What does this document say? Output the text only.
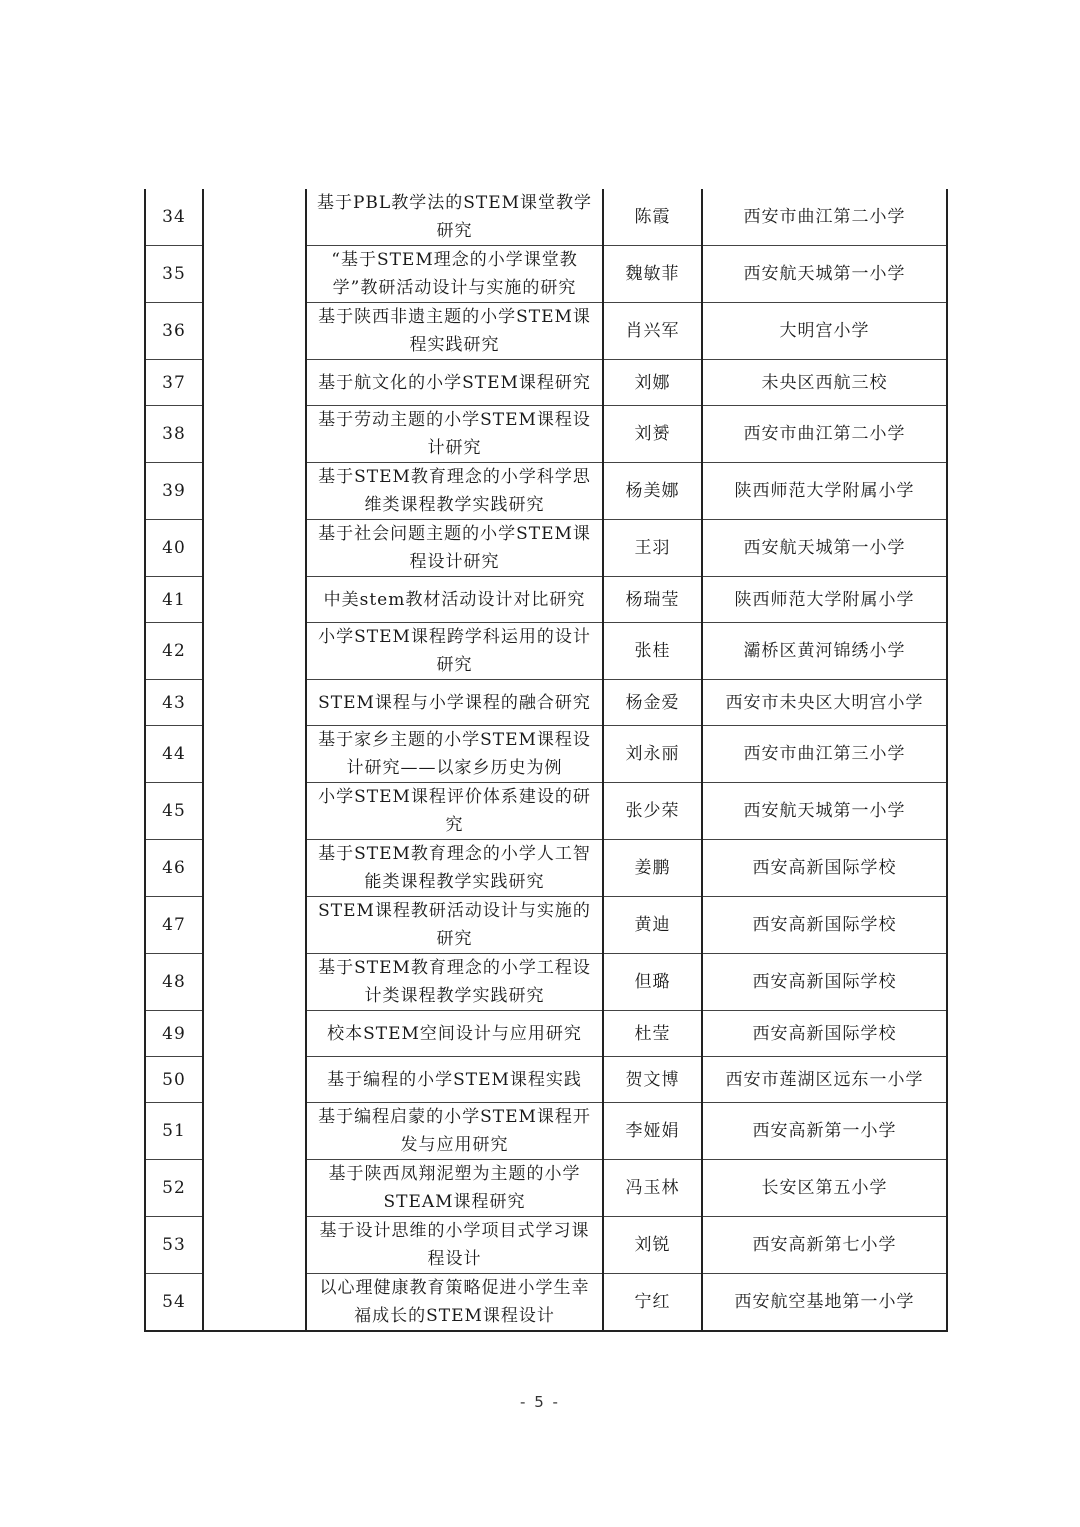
34		基于PBL教学法的STEM课堂教学研究	陈霞	西安市曲江第二小学
35		“基于STEM理念的小学课堂教学”教研活动设计与实施的研究	魏敏菲	西安航天城第一小学
36		基于陕西非遗主题的小学STEM课程实践研究	肖兴军	大明宫小学
37		基于航文化的小学STEM课程研究	刘娜	未央区西航三校
38		基于劳动主题的小学STEM课程设计研究	刘赟	西安市曲江第二小学
39		基于STEM教育理念的小学科学思维类课程教学实践研究	杨美娜	陕西师范大学附属小学
40		基于社会问题主题的小学STEM课程设计研究	王羽	西安航天城第一小学
41		中美stem教材活动设计对比研究	杨瑞莹	陕西师范大学附属小学
42		小学STEM课程跨学科运用的设计研究	张桂	灞桥区黄河锦绣小学
43		STEM课程与小学课程的融合研究	杨金爱	西安市未央区大明宫小学
44		基于家乡主题的小学STEM课程设计研究——以家乡历史为例	刘永丽	西安市曲江第三小学
45		小学STEM课程评价体系建设的研究	张少荣	西安航天城第一小学
46		基于STEM教育理念的小学人工智能类课程教学实践研究	姜鹏	西安高新国际学校
47		STEM课程教研活动设计与实施的研究	黄迪	西安高新国际学校
48		基于STEM教育理念的小学工程设计类课程教学实践研究	但璐	西安高新国际学校
49		校本STEM空间设计与应用研究	杜莹	西安高新国际学校
50		基于编程的小学STEM课程实践	贺文博	西安市莲湖区远东一小学
51		基于编程启蒙的小学STEM课程开发与应用研究	李娅娟	西安高新第一小学
52		基于陕西凤翔泥塑为主题的小学STEAM课程研究	冯玉林	长安区第五小学
53		基于设计思维的小学项目式学习课程设计	刘锐	西安高新第七小学
54		以心理健康教育策略促进小学生幸福成长的STEM课程设计	宁红	西安航空基地第一小学
- 5 -
